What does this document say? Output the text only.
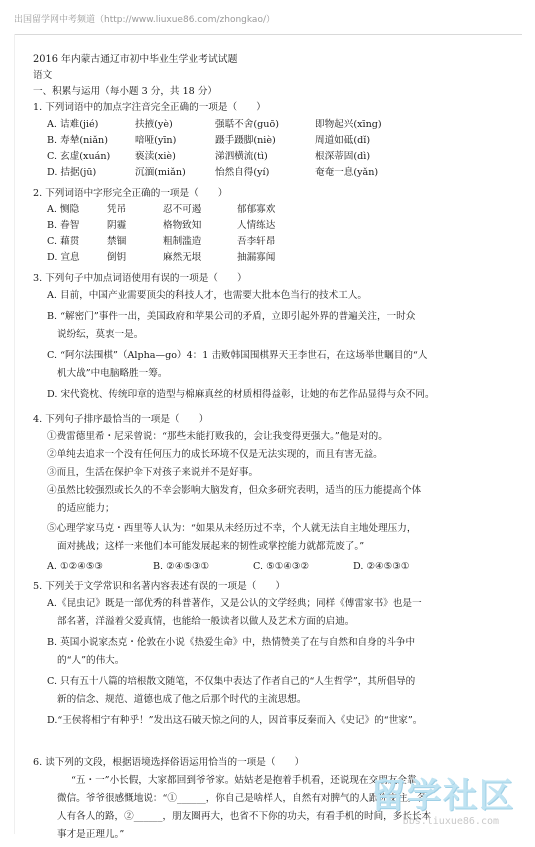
出国留学网中考频道（http://www.liuxue86.com/zhongkao/）
2016 年内蒙古通辽市初中毕业生学业考试试题
语文
一、积累与运用（每小题 3 分，共 18 分）
1. 下列词语中的加点字注音完全正确的一项是（　　）
A. 诘难(jié)	扶掖(yè)	强聒不舍(guō)	即物起兴(xīng)
B. 寿辇(niǎn)	喑哑(yīn)	蹑手蹑脚(niè)	周道如砥(dǐ)
C. 玄虚(xuán)	亵渎(xiè)	涕泗横流(tì)	根深蒂固(dì)
D. 拮据(jū)	沉湎(miǎn)	怡然自得(yí)	奄奄一息(yǎn)
2. 下列词语中字形完全正确的一项是（　　）
A. 恻隐	凭吊	忍不可遏	郁郁寡欢
B. 眷智	阴霾	格物致知	人情练达
C. 藉贯	禁锢	粗制滥造	吾李轩昂
D. 宣息	倒钥	麻然无垠	抽漏寡闻
3. 下列句子中加点词语使用有误的一项是（　　）
A. 目前，中国产业需要顶尖的科技人才，也需要大批本色当行的技术工人。
B. “解密门”事件一出，美国政府和苹果公司的矛盾，立即引起外界的普遍关注，一时众
说纷纭，莫衷一是。
C. “阿尔法围棋”（Alpha—go）4：1 击败韩国围棋界天王李世石，在这场举世瞩目的“人
机大战”中电脑略胜一筹。
D. 宋代瓷枕、传统印章的造型与棉麻真丝的材质相得益彰，让她的布艺作品显得与众不同。
4. 下列句子排序最恰当的一项是（　　）
①费雷德里希・尼采曾说：“那些未能打败我的，会让我变得更强大。”他是对的。
②单纯去追求一个没有任何压力的成长环境不仅是无法实现的，而且有害无益。
③而且，生活在保护伞下对孩子来说并不是好事。
④虽然比较强烈或长久的不幸会影响大脑发育，但众多研究表明，适当的压力能提高个体
的适应能力；
⑤心理学家马克・西里等人认为：“如果从未经历过不幸，个人就无法自主地处理压力，
面对挑战；这样一来他们本可能发展起来的韧性或掌控能力就都荒废了。”
A. ①②④⑤③	B. ②④⑤③①	C. ⑤①④③②	D. ②④⑤③①
5. 下列关于文学常识和名著内容表述有误的一项是（　　）
A.《昆虫记》既是一部优秀的科普著作，又是公认的文学经典；同样《傅雷家书》也是一
部名著，洋溢着父爱真情，也能给一般读者以做人及艺术方面的启迪。
B. 英国小说家杰克・伦敦在小说《热爱生命》中，热情赞美了在与自然和自身的斗争中
的“人”的伟大。
C. 只有五十八篇的培根散文随笔，不仅集中表达了作者自己的“人生哲学”，其所倡导的
新的信念、规范、道德也成了他之后那个时代的主流思想。
D.“王侯将相宁有种乎！”发出这石破天惊之问的人，因首事反秦而入《史记》的“世家”。
6. 读下列的文段，根据语境选择俗语运用恰当的一项是（　　）
“五・一”小长假，大家都回到爷爷家。姑姑老是抱着手机看，还说现在交朋友全靠
微信。爷爷很感慨地说：“①______，你自己是啥样人，自然有对脾气的人跟你交往。各
人有各人的路，②______，朋友圈再大，也省不下你的功夫，有看手机的时间，多长长本
事才是正理儿。”
留学社区
bbs.liuxue86.com
